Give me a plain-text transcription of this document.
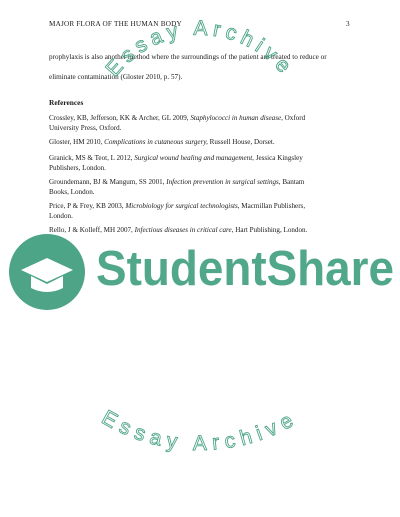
MAJOR FLORA OF THE HUMAN BODY	3
prophylaxis is also another method where the surroundings of the patient are treated to reduce or
eliminate contamination (Gloster 2010, p. 57).
References
Crossley, KB, Jefferson, KK & Archer, GL 2009, Staphylococci in human disease, Oxford
University Press, Oxford.
Gloster, HM 2010, Complications in cutaneous surgery, Russell House, Dorset.
Granick, MS & Teot, L 2012, Surgical wound healing and management, Jessica Kingsley
Publishers, London.
Groundemann, BJ & Mangum, SS 2001, Infection prevention in surgical settings, Bantam
Books, London.
Price, P & Frey, KB 2003, Microbiology for surgical technologists, Macmillan Publishers,
London.
Rello, J & Kolleff, MH 2007, Infectious diseases in critical care, Hart Publishing, London.
Essay Archive
Essay Archive
StudentShare
